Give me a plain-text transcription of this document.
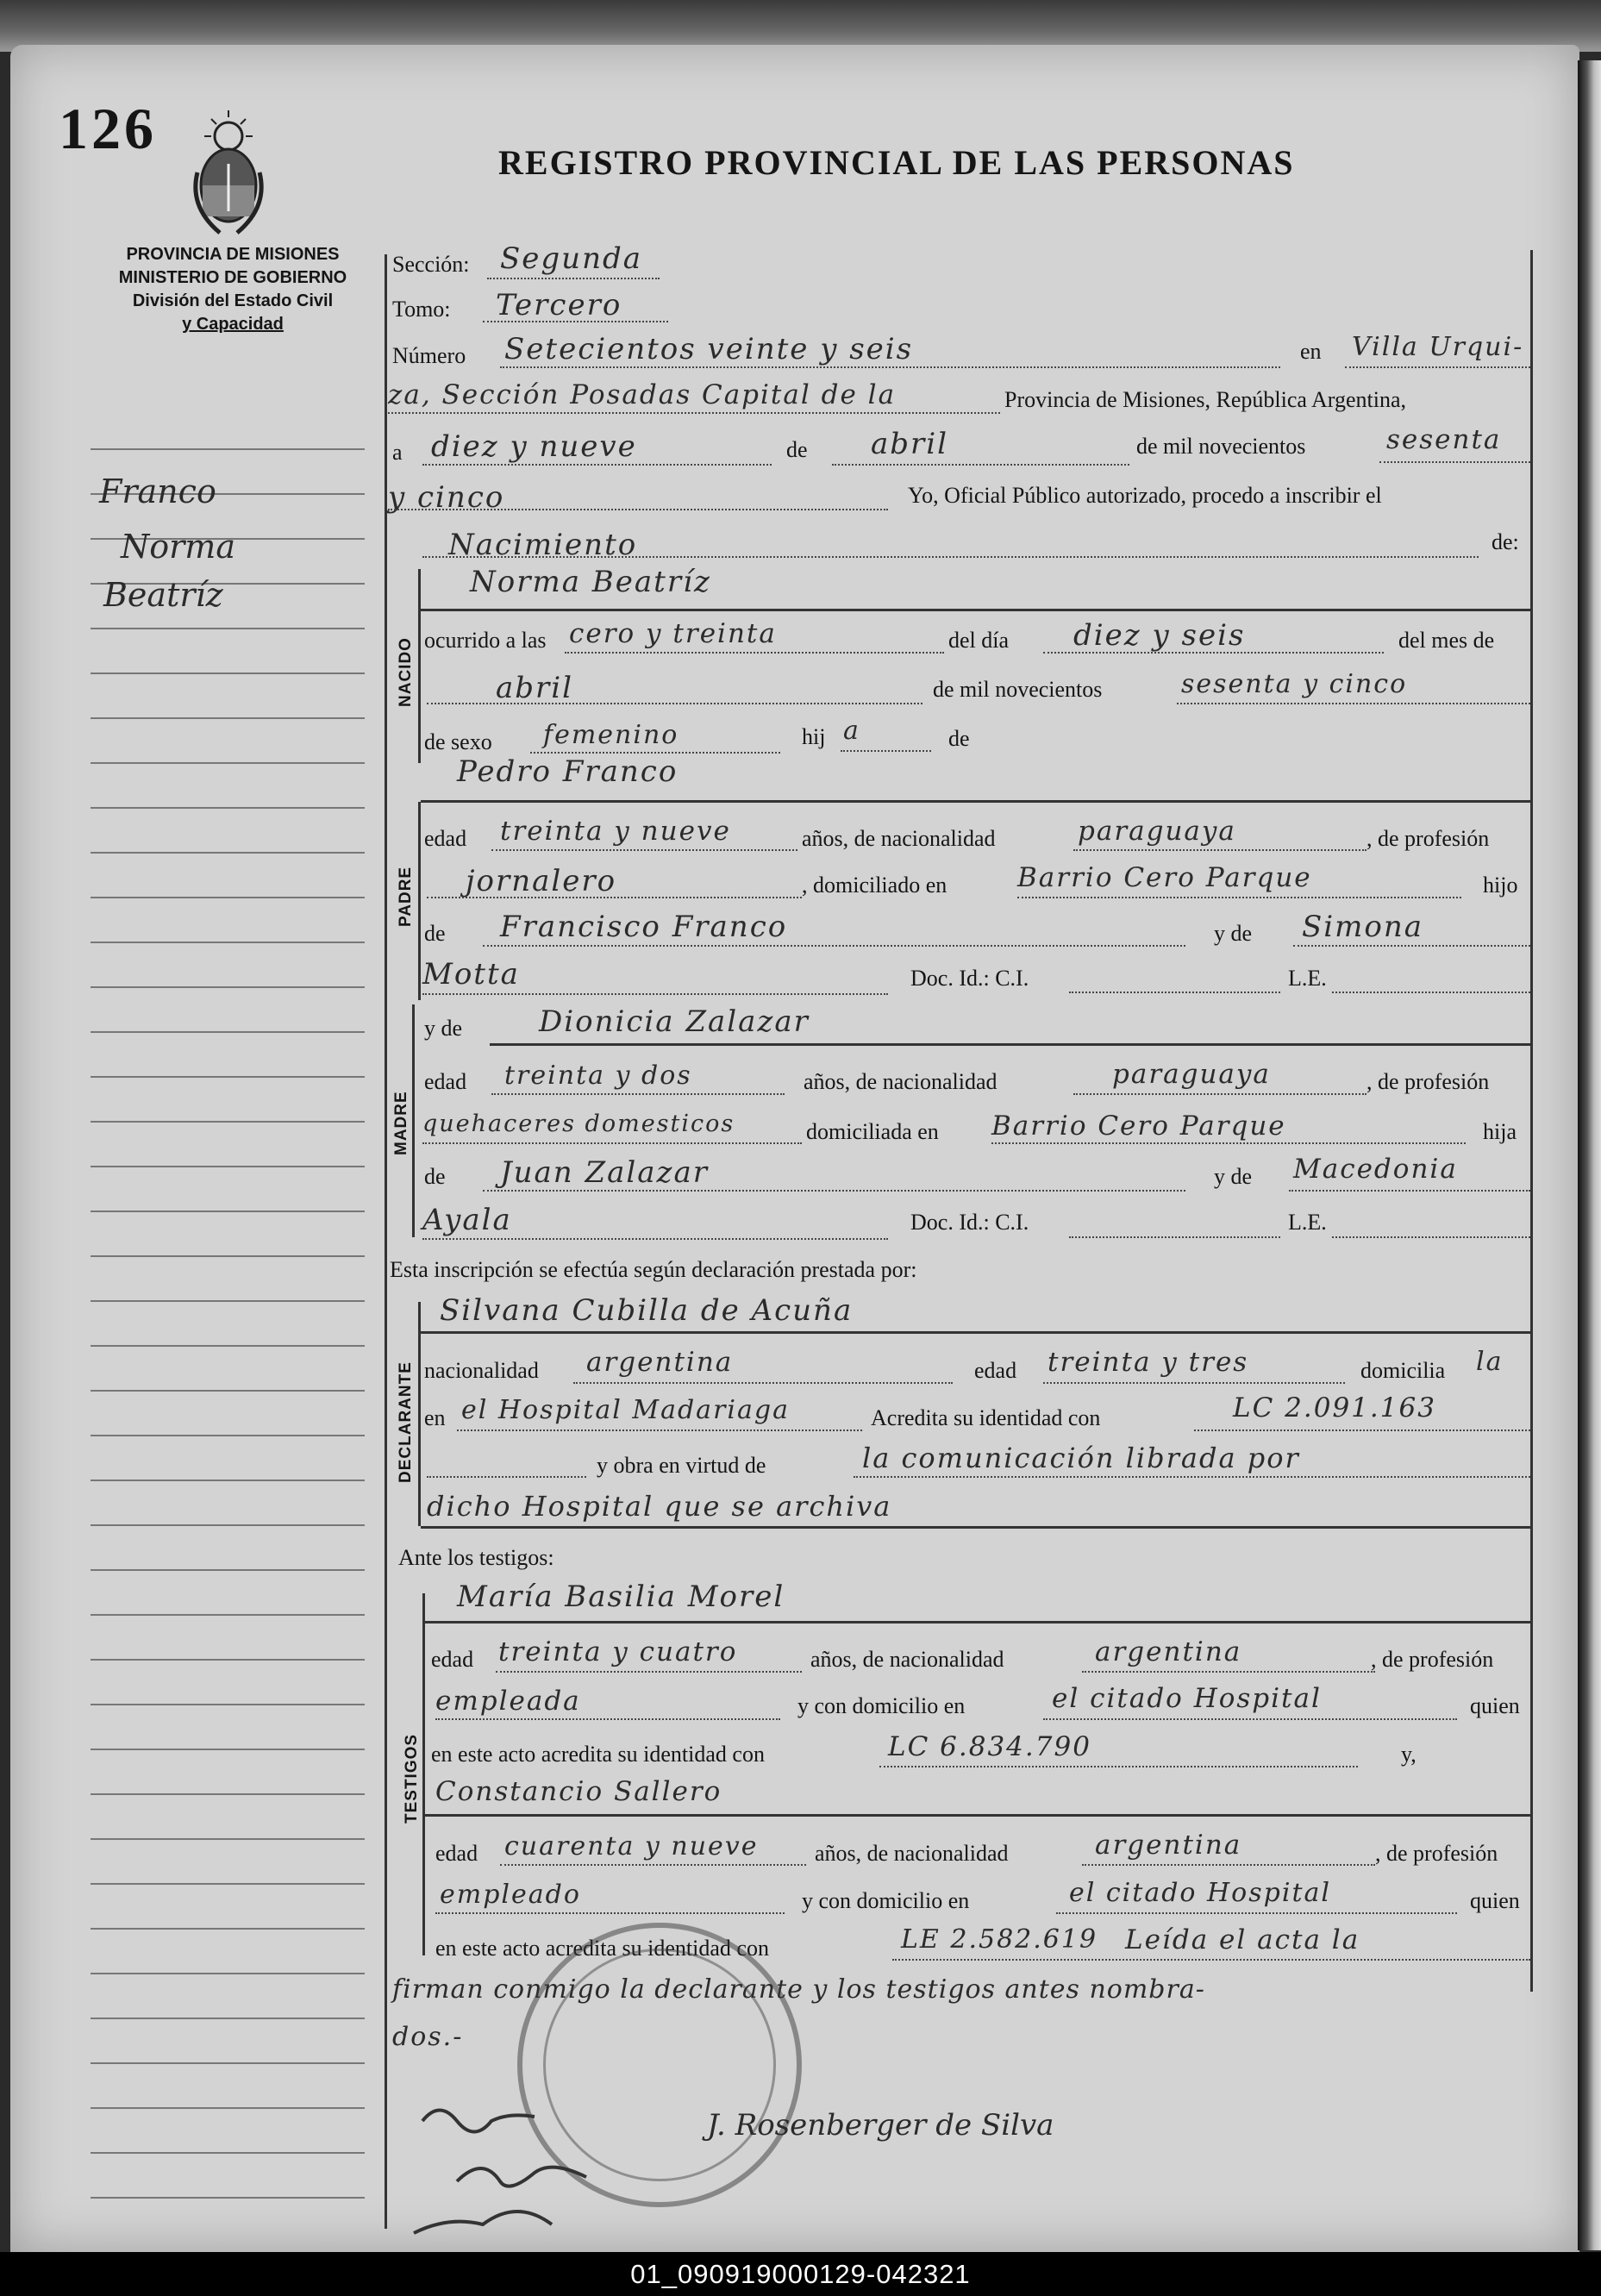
126
REGISTRO PROVINCIAL DE LAS PERSONAS
PROVINCIA DE MISIONES
MINISTERIO DE GOBIERNO
División del Estado Civil
y Capacidad
Franco
Norma
Beatríz
Sección: Segunda
Tomo: Tercero
Número Setecientos veinte y seis	en Villa Urqui-
za, Sección Posadas Capital de la	Provincia de Misiones, República Argentina,
a diez y nueve	de abril	de mil novecientos	sesenta
y cinco	Yo, Oficial Público autorizado, procedo a inscribir el
Nacimiento	de:
NACIDO
Norma Beatríz
ocurrido a las cero y treinta	del día diez y seis	del mes de
abril	de mil novecientos	sesenta y cinco
de sexo femenino	hij a	de
PADRE
Pedro Franco
edad treinta y nueve	años, de nacionalidad	paraguaya	, de profesión
jornalero	, domiciliado en	Barrio Cero Parque	hijo
de Francisco Franco	y de Simona
Motta	Doc. Id.: C.I.	L.E.
MADRE
y de	Dionicia Zalazar
edad treinta y dos	años, de nacionalidad	paraguaya	, de profesión
quehaceres domesticos	domiciliada en Barrio Cero Parque	hija
de Juan Zalazar	y de Macedonia
Ayala	Doc. Id.: C.I.	L.E.
Esta inscripción se efectúa según declaración prestada por:
DECLARANTE
Silvana Cubilla de Acuña
nacionalidad argentina	edad treinta y tres	domicilia la
en el Hospital Madariaga	Acredita su identidad con	LC 2.091.163
y obra en virtud de	la comunicación librada por
dicho Hospital que se archiva
Ante los testigos:
TESTIGOS
María Basilia Morel
edad treinta y cuatro	años, de nacionalidad	argentina	, de profesión
empleada	y con domicilio en	el citado Hospital	quien
en este acto acredita su identidad con	LC 6.834.790	y,
Constancio Sallero
edad cuarenta y nueve	años, de nacionalidad	argentina	, de profesión
empleado	y con domicilio en	el citado Hospital	quien
en este acto acredita su identidad con	LE 2.582.619 Leída el acta la
firman conmigo la declarante y los testigos antes nombra-
dos.-
J. Rosenberger de Silva
01_090919000129-042321
